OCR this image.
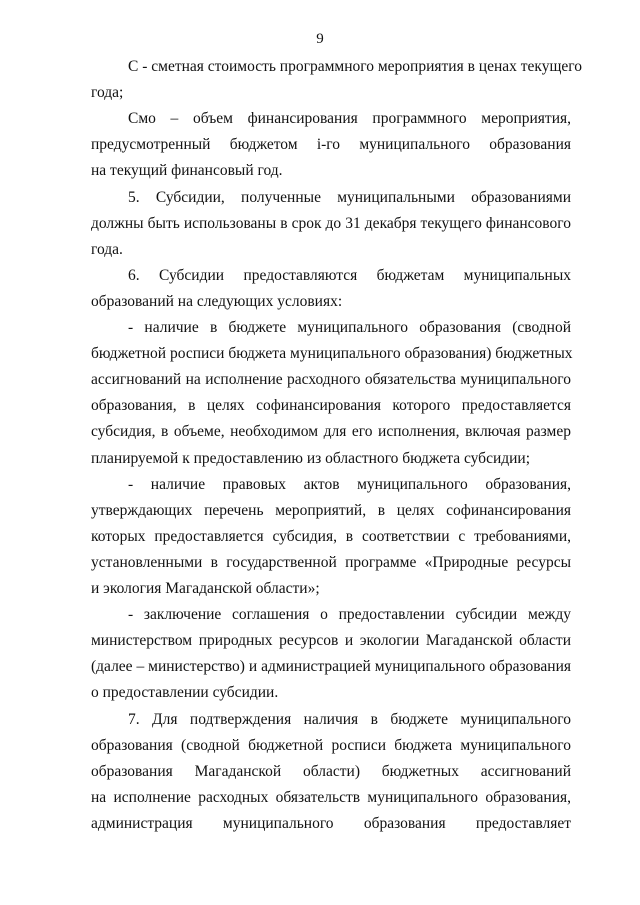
9
С - сметная стоимость программного мероприятия в ценах текущего
года;
Смо – объем финансирования программного мероприятия,
предусмотренный бюджетом i-го муниципального образования
на текущий финансовый год.
5. Субсидии, полученные муниципальными образованиями
должны быть использованы в срок до 31 декабря текущего финансового
года.
6. Субсидии предоставляются бюджетам муниципальных
образований на следующих условиях:
- наличие в бюджете муниципального образования (сводной
бюджетной росписи бюджета муниципального образования) бюджетных
ассигнований на исполнение расходного обязательства муниципального
образования, в целях софинансирования которого предоставляется
субсидия, в объеме, необходимом для его исполнения, включая размер
планируемой к предоставлению из областного бюджета субсидии;
- наличие правовых актов муниципального образования,
утверждающих перечень мероприятий, в целях софинансирования
которых предоставляется субсидия, в соответствии с требованиями,
установленными в государственной программе «Природные ресурсы
и экология Магаданской области»;
- заключение соглашения о предоставлении субсидии между
министерством природных ресурсов и экологии Магаданской области
(далее – министерство) и администрацией муниципального образования
о предоставлении субсидии.
7. Для подтверждения наличия в бюджете муниципального
образования (сводной бюджетной росписи бюджета муниципального
образования Магаданской области) бюджетных ассигнований
на исполнение расходных обязательств муниципального образования,
администрация муниципального образования предоставляет
